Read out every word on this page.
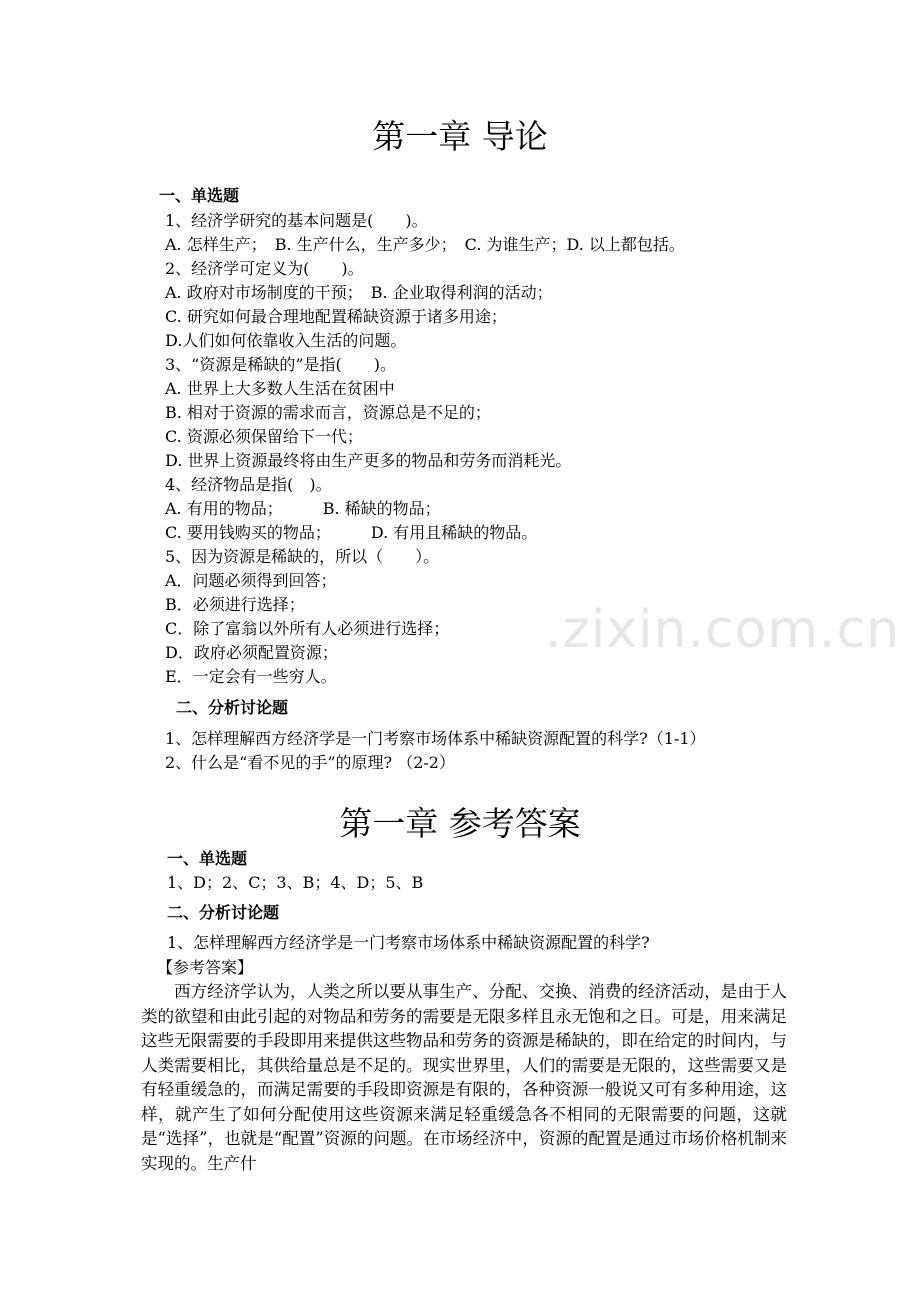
.zixin.com.cn
第一章 导论
一、单选题
1、经济学研究的基本问题是(　　)。
A. 怎样生产；　B. 生产什么，生产多少；　C. 为谁生产；D. 以上都包括。
2、经济学可定义为(　　)。
A. 政府对市场制度的干预；　B. 企业取得利润的活动；
C. 研究如何最合理地配置稀缺资源于诸多用途；
D.人们如何依靠收入生活的问题。
3、“资源是稀缺的”是指(　　)。
A. 世界上大多数人生活在贫困中
B. 相对于资源的需求而言，资源总是不足的；
C. 资源必须保留给下一代；
D. 世界上资源最终将由生产更多的物品和劳务而消耗光。
4、经济物品是指(　)。
A. 有用的物品；　　　B. 稀缺的物品；
C. 要用钱购买的物品；　　　D. 有用且稀缺的物品。
5、因为资源是稀缺的，所以（　　）。
A．问题必须得到回答；
B．必须进行选择；
C．除了富翁以外所有人必须进行选择；
D．政府必须配置资源；
E．一定会有一些穷人。
二、分析讨论题
1、怎样理解西方经济学是一门考察市场体系中稀缺资源配置的科学?（1-1）
2、什么是“看不见的手”的原理? （2-2）
第一章 参考答案
一、单选题
1、D；2、C；3、B；4、D；5、B
二、分析讨论题
1、怎样理解西方经济学是一门考察市场体系中稀缺资源配置的科学?
【参考答案】
西方经济学认为，人类之所以要从事生产、分配、交换、消费的经济活动，是由于人类的欲望和由此引起的对物品和劳务的需要是无限多样且永无饱和之日。可是，用来满足这些无限需要的手段即用来提供这些物品和劳务的资源是稀缺的，即在给定的时间内，与人类需要相比，其供给量总是不足的。现实世界里，人们的需要是无限的，这些需要又是有轻重缓急的，而满足需要的手段即资源是有限的，各种资源一般说又可有多种用途，这样，就产生了如何分配使用这些资源来满足轻重缓急各不相同的无限需要的问题，这就是“选择”，也就是“配置”资源的问题。在市场经济中，资源的配置是通过市场价格机制来实现的。生产什
